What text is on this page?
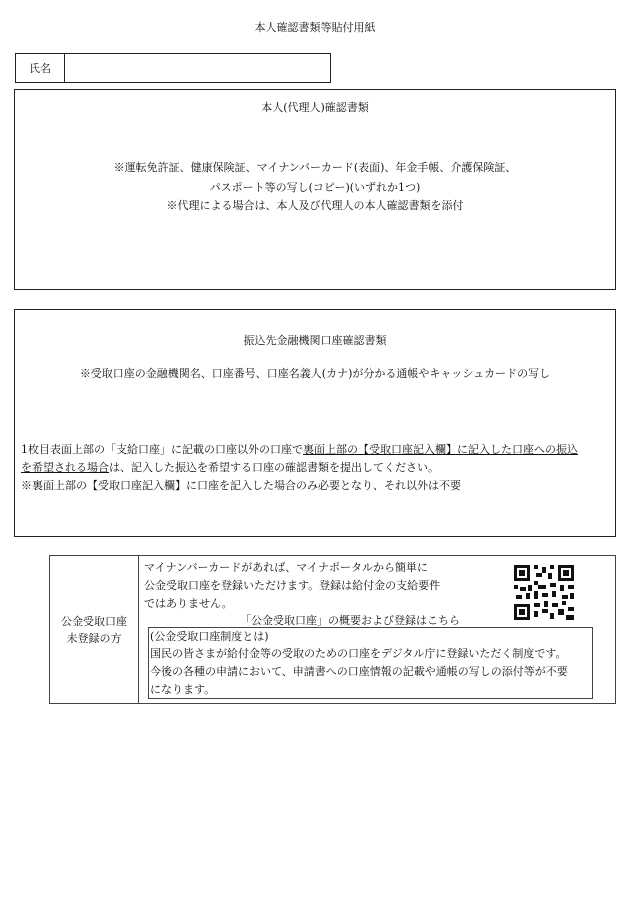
本人確認書類等貼付用紙
氏名
本人(代理人)確認書類
※運転免許証、健康保険証、マイナンバーカード(表面)、年金手帳、介護保険証、
パスポート等の写し(コピー)(いずれか1つ)
※代理による場合は、本人及び代理人の本人確認書類を添付
振込先金融機関口座確認書類
※受取口座の金融機関名、口座番号、口座名義人(カナ)が分かる通帳やキャッシュカードの写し
1枚目表面上部の「支給口座」に記載の口座以外の口座で裏面上部の【受取口座記入欄】に記入した口座への振込
を希望される場合は、記入した振込を希望する口座の確認書類を提出してください。
※裏面上部の【受取口座記入欄】に口座を記入した場合のみ必要となり、それ以外は不要
公金受取口座
未登録の方
マイナンバーカードがあれば、マイナポータルから簡単に
公金受取口座を登録いただけます。登録は給付金の支給要件
ではありません。
「公金受取口座」の概要および登録はこちら
(公金受取口座制度とは)
国民の皆さまが給付金等の受取のための口座をデジタル庁に登録いただく制度です。
今後の各種の申請において、申請書への口座情報の記載や通帳の写しの添付等が不要
になります。
